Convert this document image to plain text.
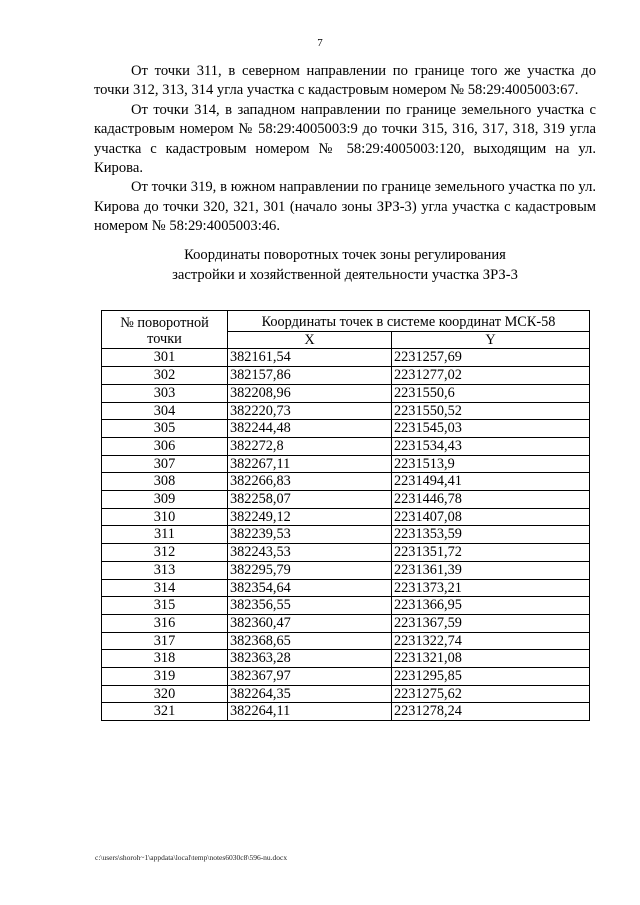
7

От точки 311, в северном направлении по границе того же участка до точки 312, 313, 314 угла участка с кадастровым номером № 58:29:4005003:67.

От точки 314, в западном направлении по границе земельного участка с кадастровым номером № 58:29:4005003:9 до точки 315, 316, 317, 318, 319 угла участка с кадастровым номером № 58:29:4005003:120, выходящим на ул. Кирова.

От точки 319, в южном направлении по границе земельного участка по ул. Кирова до точки 320, 321, 301 (начало зоны ЗРЗ-3) угла участка с кадастровым номером № 58:29:4005003:46.

Координаты поворотных точек зоны регулирования
застройки и хозяйственной деятельности участка ЗРЗ-3
№ поворотной
точки	Координаты точек в системе координат МСК-58	
	X	Y
301	382161,54	2231257,69
302	382157,86	2231277,02
303	382208,96	2231550,6
304	382220,73	2231550,52
305	382244,48	2231545,03
306	382272,8	2231534,43
307	382267,11	2231513,9
308	382266,83	2231494,41
309	382258,07	2231446,78
310	382249,12	2231407,08
311	382239,53	2231353,59
312	382243,53	2231351,72
313	382295,79	2231361,39
314	382354,64	2231373,21
315	382356,55	2231366,95
316	382360,47	2231367,59
317	382368,65	2231322,74
318	382363,28	2231321,08
319	382367,97	2231295,85
320	382264,35	2231275,62
321	382264,11	2231278,24
c:\users\shoroh~1\appdata\local\temp\notes6030c8\596-nu.docx
